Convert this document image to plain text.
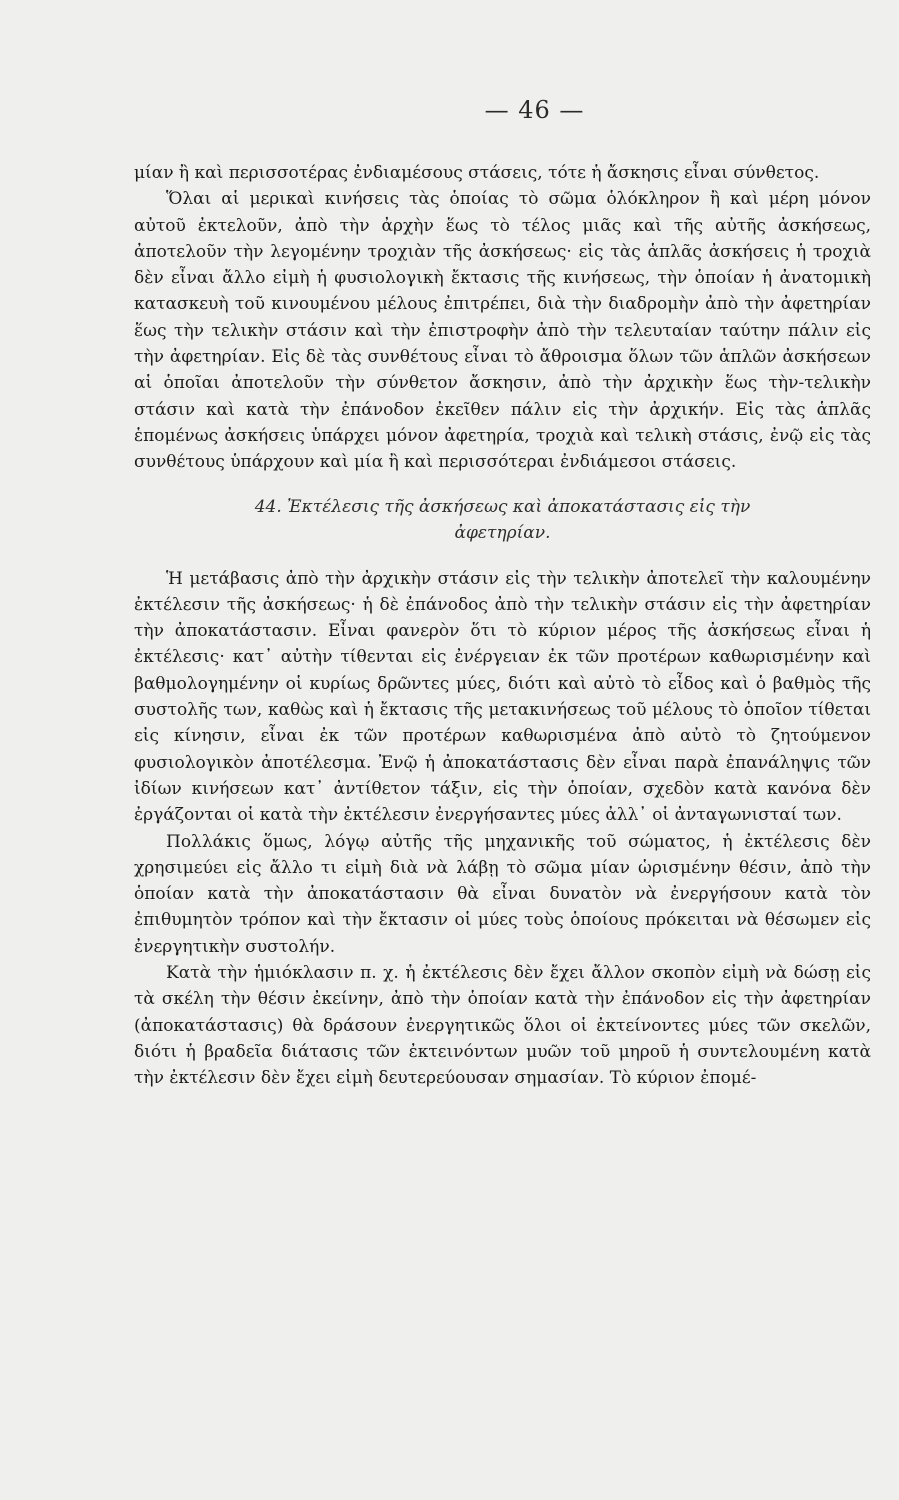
— 46 —

μίαν ἢ καὶ περισσοτέρας ἐνδιαμέσους στάσεις, τότε ἡ ἄσκησις εἶναι σύνθετος.

Ὅλαι αἱ μερικαὶ κινήσεις τὰς ὁποίας τὸ σῶμα ὁλόκληρον ἢ καὶ μέρη μόνον αὐτοῦ ἐκτελοῦν, ἀπὸ τὴν ἀρχὴν ἕως τὸ τέλος μιᾶς καὶ τῆς αὐτῆς ἀσκήσεως, ἀποτελοῦν τὴν λεγομένην τροχιὰν τῆς ἀσκήσεως· εἰς τὰς ἁπλᾶς ἀσκήσεις ἡ τροχιὰ δὲν εἶναι ἄλλο εἰμὴ ἡ φυσιολογικὴ ἔκτασις τῆς κινήσεως, τὴν ὁποίαν ἡ ἀνατομικὴ κατασκευὴ τοῦ κινουμένου μέλους ἐπιτρέπει, διὰ τὴν διαδρομὴν ἀπὸ τὴν ἀφετηρίαν ἕως τὴν τελικὴν στάσιν καὶ τὴν ἐπιστροφὴν ἀπὸ τὴν τελευταίαν ταύτην πάλιν εἰς τὴν ἀφετηρίαν. Εἰς δὲ τὰς συνθέτους εἶναι τὸ ἄθροισμα ὅλων τῶν ἁπλῶν ἀσκήσεων αἱ ὁποῖαι ἀποτελοῦν τὴν σύνθετον ἄσκησιν, ἀπὸ τὴν ἀρχικὴν ἕως τὴν-τελικὴν στάσιν καὶ κατὰ τὴν ἐπάνοδον ἐκεῖθεν πάλιν εἰς τὴν ἀρχικήν. Εἰς τὰς ἁπλᾶς ἑπομένως ἀσκήσεις ὑπάρχει μόνον ἀφετηρία, τροχιὰ καὶ τελικὴ στάσις, ἐνῷ εἰς τὰς συνθέτους ὑπάρχουν καὶ μία ἢ καὶ περισσότεραι ἐνδιάμεσοι στάσεις.

44. Ἐκτέλεσις τῆς ἀσκήσεως καὶ ἀποκατάστασις εἰς τὴν
ἀφετηρίαν.

Ἡ μετάβασις ἀπὸ τὴν ἀρχικὴν στάσιν εἰς τὴν τελικὴν ἀποτελεῖ τὴν καλουμένην ἐκτέλεσιν τῆς ἀσκήσεως· ἡ δὲ ἐπάνοδος ἀπὸ τὴν τελικὴν στάσιν εἰς τὴν ἀφετηρίαν τὴν ἀποκατάστασιν. Εἶναι φανερὸν ὅτι τὸ κύριον μέρος τῆς ἀσκήσεως εἶναι ἡ ἐκτέλεσις· κατ᾽ αὐτὴν τίθενται εἰς ἐνέργειαν ἐκ τῶν προτέρων καθωρισμένην καὶ βαθμολογημένην οἱ κυρίως δρῶντες μύες, διότι καὶ αὐτὸ τὸ εἶδος καὶ ὁ βαθμὸς τῆς συστολῆς των, καθὼς καὶ ἡ ἔκτασις τῆς μετακινήσεως τοῦ μέλους τὸ ὁποῖον τίθεται εἰς κίνησιν, εἶναι ἐκ τῶν προτέρων καθωρισμένα ἀπὸ αὐτὸ τὸ ζητούμενον φυσιολογικὸν ἀποτέλεσμα. Ἐνῷ ἡ ἀποκατάστασις δὲν εἶναι παρὰ ἐπανάληψις τῶν ἰδίων κινήσεων κατ᾽ ἀντίθετον τάξιν, εἰς τὴν ὁποίαν, σχεδὸν κατὰ κανόνα δὲν ἐργάζονται οἱ κατὰ τὴν ἐκτέλεσιν ἐνεργήσαντες μύες ἀλλ᾽ οἱ ἀνταγωνισταί των.

Πολλάκις ὅμως, λόγῳ αὐτῆς τῆς μηχανικῆς τοῦ σώματος, ἡ ἐκτέλεσις δὲν χρησιμεύει εἰς ἄλλο τι εἰμὴ διὰ νὰ λάβῃ τὸ σῶμα μίαν ὡρισμένην θέσιν, ἀπὸ τὴν ὁποίαν κατὰ τὴν ἀποκατάστασιν θὰ εἶναι δυνατὸν νὰ ἐνεργήσουν κατὰ τὸν ἐπιθυμητὸν τρόπον καὶ τὴν ἔκτασιν οἱ μύες τοὺς ὁποίους πρόκειται νὰ θέσωμεν εἰς ἐνεργητικὴν συστολήν.

Κατὰ τὴν ἡμιόκλασιν π. χ. ἡ ἐκτέλεσις δὲν ἔχει ἄλλον σκοπὸν εἰμὴ νὰ δώσῃ εἰς τὰ σκέλη τὴν θέσιν ἐκείνην, ἀπὸ τὴν ὁποίαν κατὰ τὴν ἐπάνοδον εἰς τὴν ἀφετηρίαν (ἀποκατάστασις) θὰ δράσουν ἐνεργητικῶς ὅλοι οἱ ἐκτείνοντες μύες τῶν σκελῶν, διότι ἡ βραδεῖα διάτασις τῶν ἐκτεινόντων μυῶν τοῦ μηροῦ ἡ συντελουμένη κατὰ τὴν ἐκτέλεσιν δὲν ἔχει εἰμὴ δευτερεύουσαν σημασίαν. Τὸ κύριον ἐπομέ-
